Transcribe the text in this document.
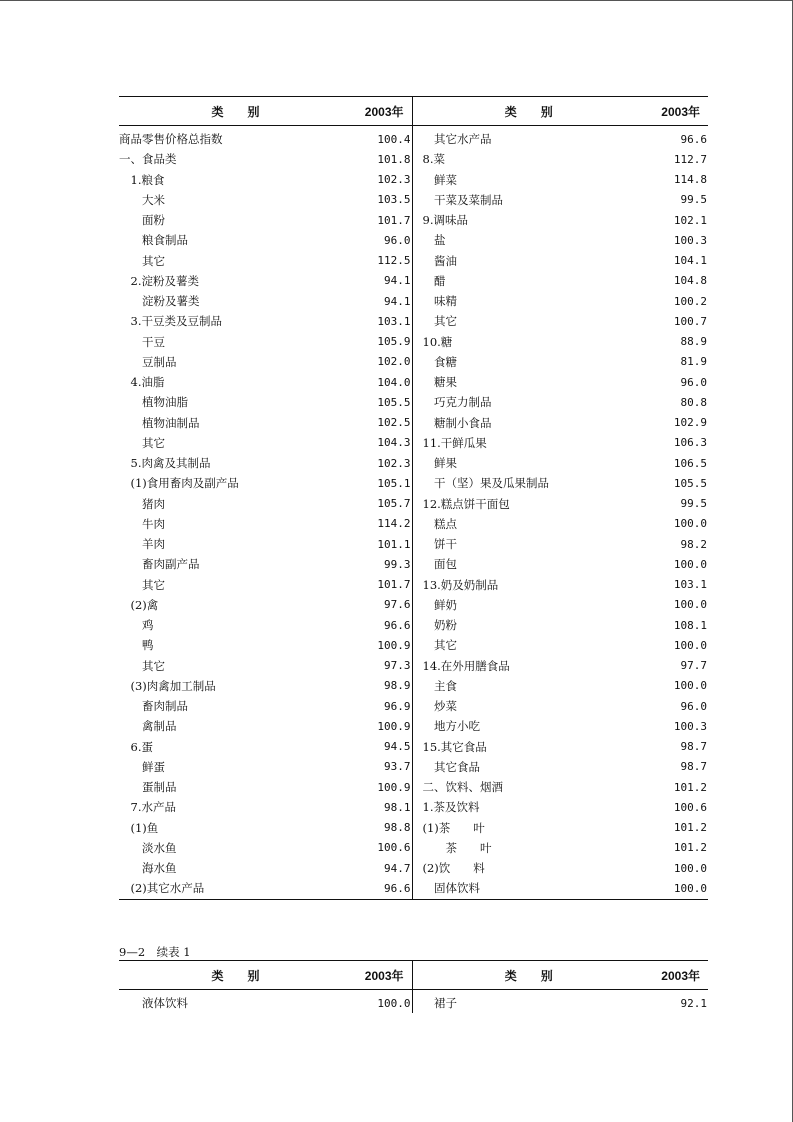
类　　别	2003年	类　　别	2003年
商品零售价格总指数	100.4	　其它水产品	96.6
一、食品类	101.8	8.菜	112.7
　1.粮食	102.3	　鲜菜	114.8
　　大米	103.5	　干菜及菜制品	99.5
　　面粉	101.7	9.调味品	102.1
　　粮食制品	96.0	　盐	100.3
　　其它	112.5	　酱油	104.1
　2.淀粉及薯类	94.1	　醋	104.8
　　淀粉及薯类	94.1	　味精	100.2
　3.干豆类及豆制品	103.1	　其它	100.7
　　干豆	105.9	10.糖	88.9
　　豆制品	102.0	　食糖	81.9
　4.油脂	104.0	　糖果	96.0
　　植物油脂	105.5	　巧克力制品	80.8
　　植物油制品	102.5	　糖制小食品	102.9
　　其它	104.3	11.干鲜瓜果	106.3
　5.肉禽及其制品	102.3	　鲜果	106.5
　(1)食用畜肉及副产品	105.1	　干（坚）果及瓜果制品	105.5
　　猪肉	105.7	12.糕点饼干面包	99.5
　　牛肉	114.2	　糕点	100.0
　　羊肉	101.1	　饼干	98.2
　　畜肉副产品	99.3	　面包	100.0
　　其它	101.7	13.奶及奶制品	103.1
　(2)禽	97.6	　鲜奶	100.0
　　鸡	96.6	　奶粉	108.1
　　鸭	100.9	　其它	100.0
　　其它	97.3	14.在外用膳食品	97.7
　(3)肉禽加工制品	98.9	　主食	100.0
　　畜肉制品	96.9	　炒菜	96.0
　　禽制品	100.9	　地方小吃	100.3
　6.蛋	94.5	15.其它食品	98.7
　　鲜蛋	93.7	　其它食品	98.7
　　蛋制品	100.9	二、饮料、烟酒	101.2
　7.水产品	98.1	1.茶及饮料	100.6
　(1)鱼	98.8	(1)茶　　叶	101.2
　　淡水鱼	100.6	　　茶　　叶	101.2
　　海水鱼	94.7	(2)饮　　料	100.0
　(2)其它水产品	96.6	　固体饮料	100.0
9—2　续表 1
类　　别	2003年	类　　别	2003年
　　液体饮料	100.0	　裙子	92.1
